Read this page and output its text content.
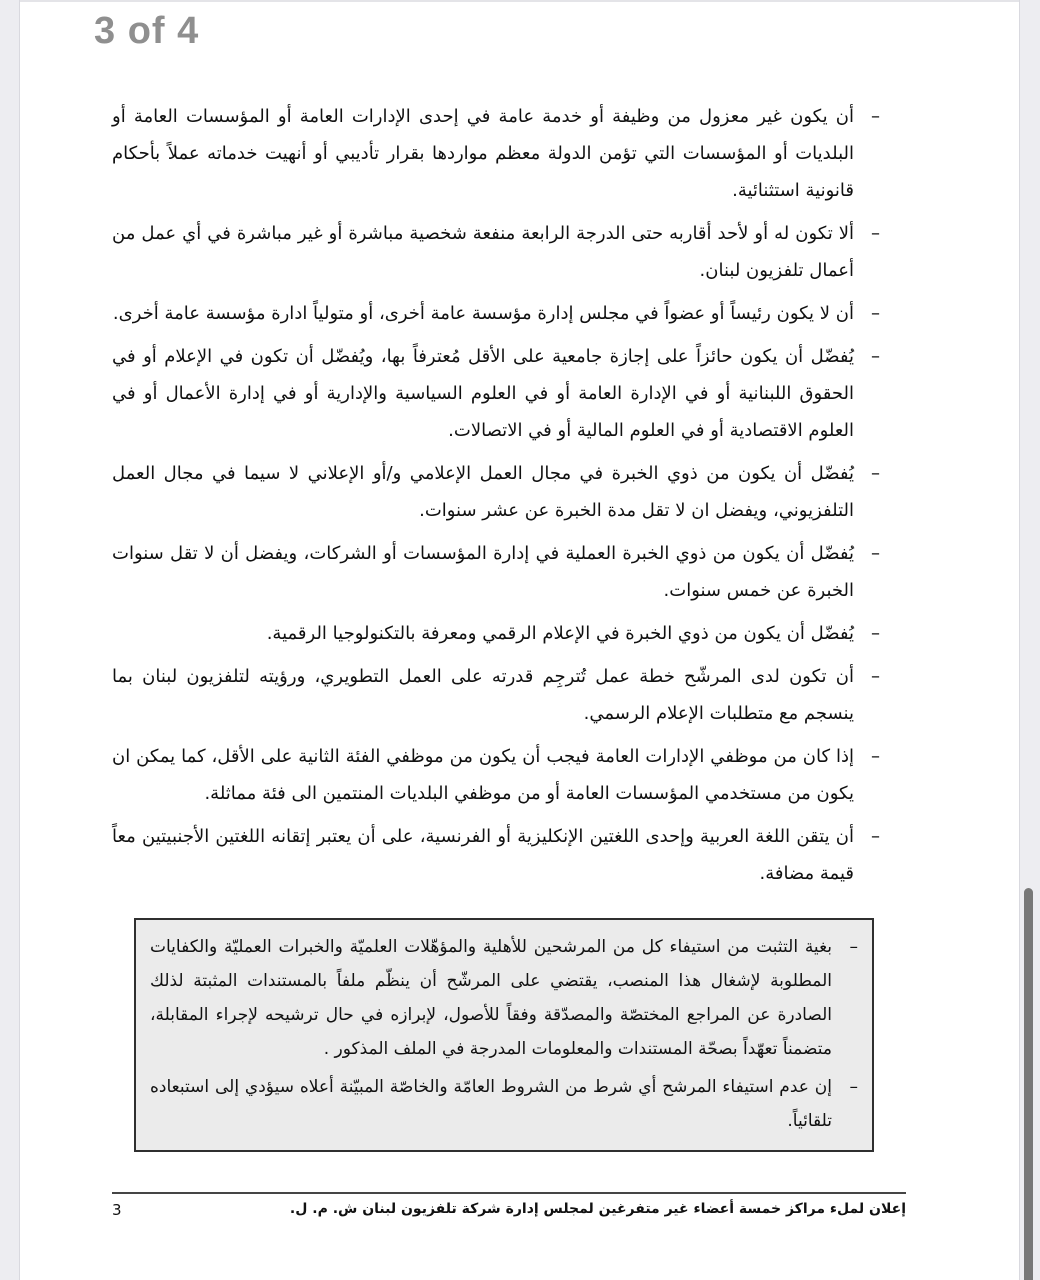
3 of 4
–
أن يكون غير معزول من وظيفة أو خدمة عامة في إحدى الإدارات العامة أو المؤسسات العامة أو البلديات أو المؤسسات التي تؤمن الدولة معظم مواردها بقرار تأديبي أو أنهيت خدماته عملاً بأحكام قانونية استثنائية.
–
ألا تكون له أو لأحد أقاربه حتى الدرجة الرابعة منفعة شخصية مباشرة أو غير مباشرة في أي عمل من أعمال تلفزيون لبنان.
–
أن لا يكون رئيساً أو عضواً في مجلس إدارة مؤسسة عامة أخرى، أو متولياً ادارة مؤسسة عامة أخرى.
–
يُفضّل أن يكون حائزاً على إجازة جامعية على الأقل مُعترفاً بها، ويُفضّل أن تكون في الإعلام أو في الحقوق اللبنانية أو في الإدارة العامة أو في العلوم السياسية والإدارية أو في إدارة الأعمال أو في العلوم الاقتصادية أو في العلوم المالية أو في الاتصالات.
–
يُفضّل أن يكون من ذوي الخبرة في مجال العمل الإعلامي و/أو الإعلاني لا سيما في مجال العمل التلفزيوني، ويفضل ان لا تقل مدة الخبرة عن عشر سنوات.
–
يُفضّل أن يكون من ذوي الخبرة العملية في إدارة المؤسسات أو الشركات، ويفضل أن لا تقل سنوات الخبرة عن خمس سنوات.
–
يُفضّل أن يكون من ذوي الخبرة في الإعلام الرقمي ومعرفة بالتكنولوجيا الرقمية.
–
أن تكون لدى المرشّح خطة عمل تُترجِم قدرته على العمل التطويري، ورؤيته لتلفزيون لبنان بما ينسجم مع متطلبات الإعلام الرسمي.
–
إذا كان من موظفي الإدارات العامة فيجب أن يكون من موظفي الفئة الثانية على الأقل، كما يمكن ان يكون من مستخدمي المؤسسات العامة أو من موظفي البلديات المنتمين الى فئة مماثلة.
–
أن يتقن اللغة العربية وإحدى اللغتين الإنكليزية أو الفرنسية، على أن يعتبر إتقانه اللغتين الأجنبيتين معاً قيمة مضافة.
–
بغية التثبت من استيفاء كل من المرشحين للأهلية والمؤهّلات العلميّة والخبرات العمليّة والكفايات المطلوبة لإشغال هذا المنصب، يقتضي على المرشّح أن ينظّم ملفاً بالمستندات المثبتة لذلك الصادرة عن المراجع المختصّة والمصدّقة وفقاً للأصول، لإبرازه في حال ترشيحه لإجراء المقابلة، متضمناً تعهّداً بصحّة المستندات والمعلومات المدرجة في الملف المذكور .
–
إن عدم استيفاء المرشح أي شرط من الشروط العامّة والخاصّة المبيّنة أعلاه سيؤدي إلى استبعاده تلقائياً.
3	إعلان لملء مراكز خمسة أعضاء غير متفرغين لمجلس إدارة شركة تلفزيون لبنان ش. م. ل.
